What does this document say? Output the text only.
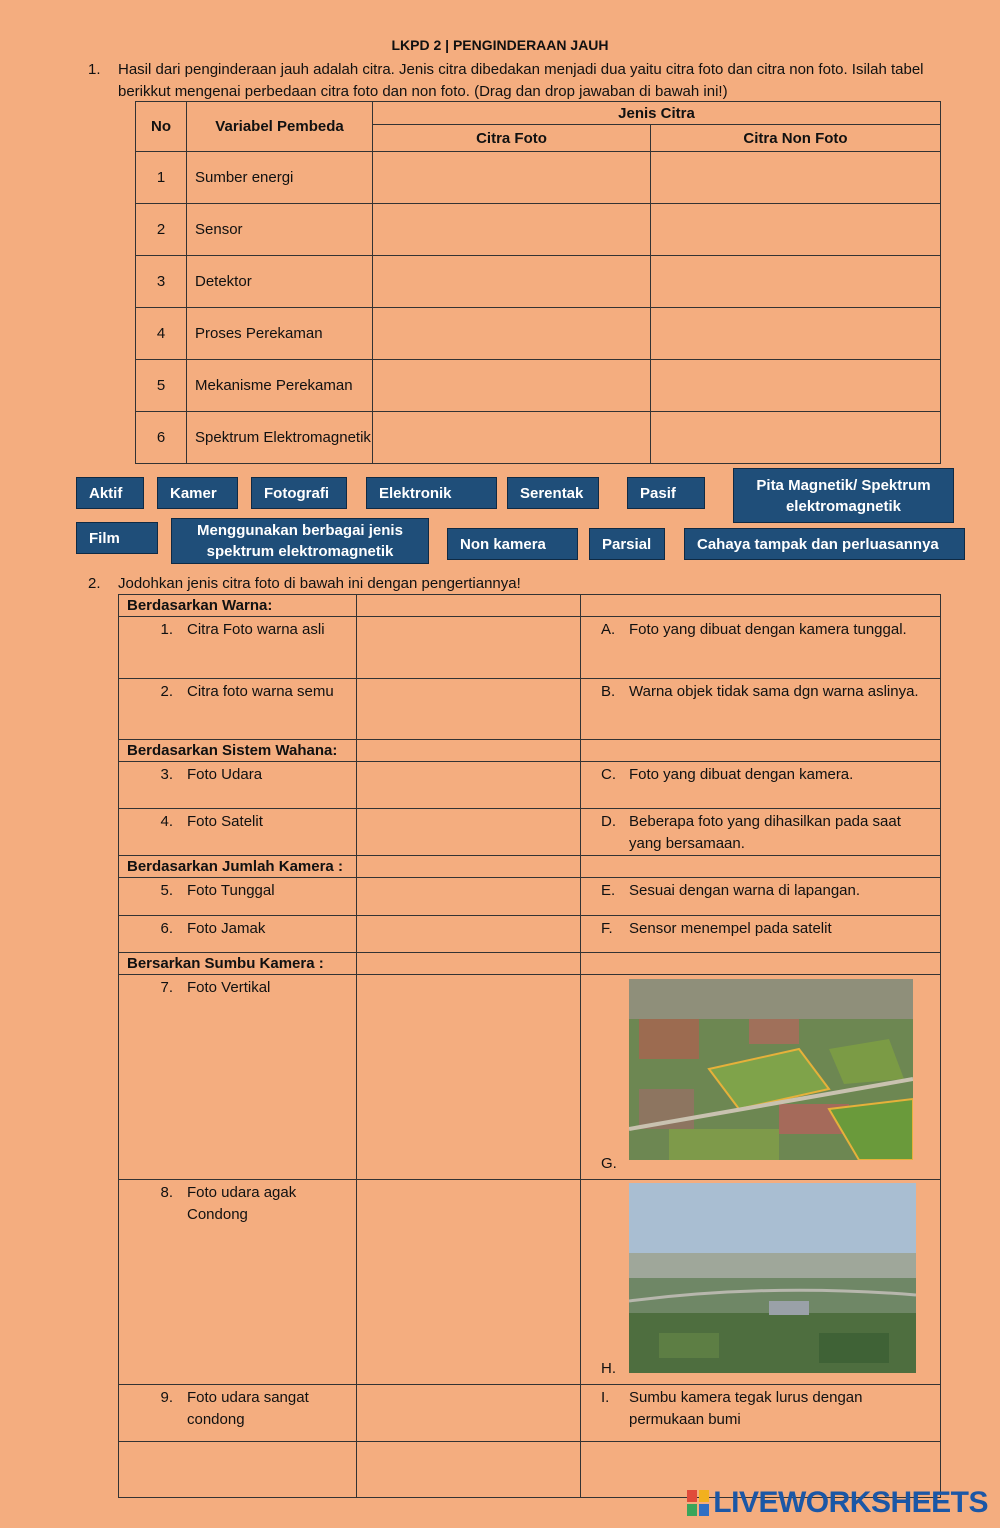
LKPD 2 | PENGINDERAAN JAUH
1. Hasil dari penginderaan jauh adalah citra. Jenis citra dibedakan menjadi dua yaitu citra foto dan citra non foto. Isilah tabel berikkut mengenai perbedaan citra foto dan non foto. (Drag dan drop jawaban di bawah ini!)
No	Variabel Pembeda	Jenis Citra	
		Citra Foto	Citra Non Foto
1	Sumber energi		
2	Sensor		
3	Detektor		
4	Proses Perekaman		
5	Mekanisme Perekaman		
6	Spektrum Elektromagnetik		
Aktif	Kamer	Fotografi	Elektronik	Serentak	Pasif	Pita Magnetik/ Spektrum elektromagnetik
Film	Menggunakan berbagai jenis spektrum elektromagnetik	Non kamera	Parsial	Cahaya tampak dan perluasannya
2. Jodohkan jenis citra foto di bawah ini dengan pengertiannya!
Berdasarkan Warna:		

1. Citra Foto warna asli		A. Foto yang dibuat dengan kamera tunggal.

2. Citra foto warna semu		B. Warna objek tidak sama dgn warna aslinya.

Berdasarkan Sistem Wahana:		

3. Foto Udara		C. Foto yang dibuat dengan kamera.

4. Foto Satelit		D. Beberapa foto yang dihasilkan pada saat yang bersamaan.

Berdasarkan Jumlah Kamera :		

5. Foto Tunggal		E. Sesuai dengan warna di lapangan.

6. Foto Jamak		F. Sensor menempel pada satelit

Bersarkan Sumbu Kamera :		

7. Foto Vertikal		G.

8. Foto udara agak Condong		H.

9. Foto udara sangat condong		I. Sumbu kamera tegak lurus dengan permukaan bumi

LIVEWORKSHEETS
